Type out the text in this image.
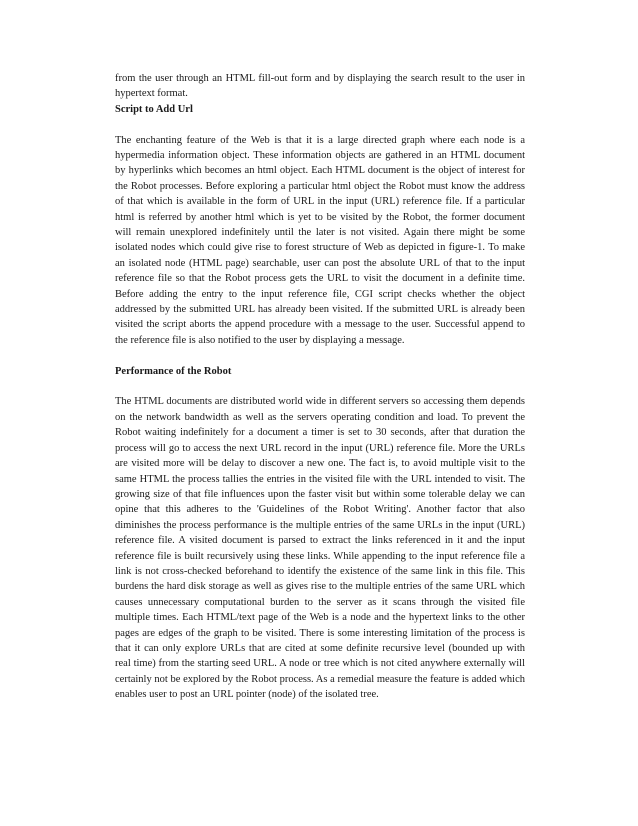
from the user through an HTML fill-out form and by displaying the search result to the user in hypertext format.

Script to Add Url

The enchanting feature of the Web is that it is a large directed graph where each node is a hypermedia information object. These information objects are gathered in an HTML document by hyperlinks which becomes an html object. Each HTML document is the object of interest for the Robot processes. Before exploring a particular html object the Robot must know the address of that which is available in the form of URL in the input (URL) reference file. If a particular html is referred by another html which is yet to be visited by the Robot, the former document will remain unexplored indefinitely until the later is not visited. Again there might be some isolated nodes which could give rise to forest structure of Web as depicted in figure-1. To make an isolated node (HTML page) searchable, user can post the absolute URL of that to the input reference file so that the Robot process gets the URL to visit the document in a definite time. Before adding the entry to the input reference file, CGI script checks whether the object addressed by the submitted URL has already been visited. If the submitted URL is already been visited the script aborts the append procedure with a message to the user. Successful append to the reference file is also notified to the user by displaying a message.

Performance of the Robot

The HTML documents are distributed world wide in different servers so accessing them depends on the network bandwidth as well as the servers operating condition and load. To prevent the Robot waiting indefinitely for a document a timer is set to 30 seconds, after that duration the process will go to access the next URL record in the input (URL) reference file. More the URLs are visited more will be delay to discover a new one. The fact is, to avoid multiple visit to the same HTML the process tallies the entries in the visited file with the URL intended to visit. The growing size of that file influences upon the faster visit but within some tolerable delay we can opine that this adheres to the 'Guidelines of the Robot Writing'. Another factor that also diminishes the process performance is the multiple entries of the same URLs in the input (URL) reference file. A visited document is parsed to extract the links referenced in it and the input reference file is built recursively using these links. While appending to the input reference file a link is not cross-checked beforehand to identify the existence of the same link in this file. This burdens the hard disk storage as well as gives rise to the multiple entries of the same URL which causes unnecessary computational burden to the server as it scans through the visited file multiple times. Each HTML/text page of the Web is a node and the hypertext links to the other pages are edges of the graph to be visited. There is some interesting limitation of the process is that it can only explore URLs that are cited at some definite recursive level (bounded up with real time) from the starting seed URL. A node or tree which is not cited anywhere externally will certainly not be explored by the Robot process. As a remedial measure the feature is added which enables user to post an URL pointer (node) of the isolated tree.
